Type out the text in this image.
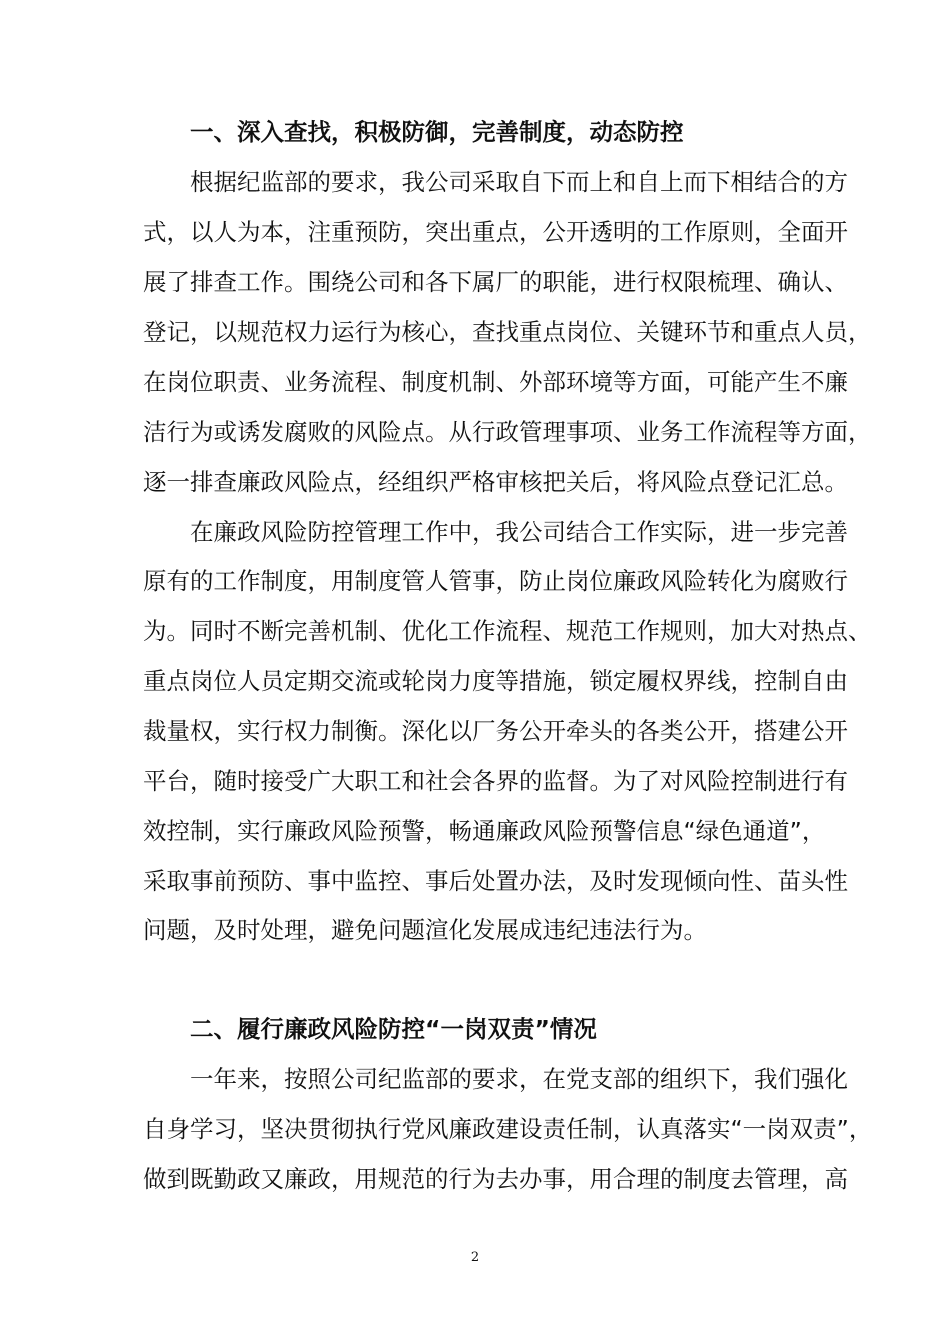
一、深入查找，积极防御，完善制度，动态防控
根据纪监部的要求，我公司采取自下而上和自上而下相结合的方
式，以人为本，注重预防，突出重点，公开透明的工作原则，全面开
展了排查工作。围绕公司和各下属厂的职能，进行权限梳理、确认、
登记，以规范权力运行为核心，查找重点岗位、关键环节和重点人员，
在岗位职责、业务流程、制度机制、外部环境等方面，可能产生不廉
洁行为或诱发腐败的风险点。从行政管理事项、业务工作流程等方面，
逐一排查廉政风险点，经组织严格审核把关后，将风险点登记汇总。
在廉政风险防控管理工作中，我公司结合工作实际，进一步完善
原有的工作制度，用制度管人管事，防止岗位廉政风险转化为腐败行
为。同时不断完善机制、优化工作流程、规范工作规则，加大对热点、
重点岗位人员定期交流或轮岗力度等措施，锁定履权界线，控制自由
裁量权，实行权力制衡。深化以厂务公开牵头的各类公开，搭建公开
平台，随时接受广大职工和社会各界的监督。为了对风险控制进行有
效控制，实行廉政风险预警，畅通廉政风险预警信息“绿色通道”，
采取事前预防、事中监控、事后处置办法，及时发现倾向性、苗头性
问题，及时处理，避免问题渲化发展成违纪违法行为。
二、履行廉政风险防控“一岗双责”情况
一年来，按照公司纪监部的要求，在党支部的组织下，我们强化
自身学习，坚决贯彻执行党风廉政建设责任制，认真落实“一岗双责”，
做到既勤政又廉政，用规范的行为去办事，用合理的制度去管理，高
2
